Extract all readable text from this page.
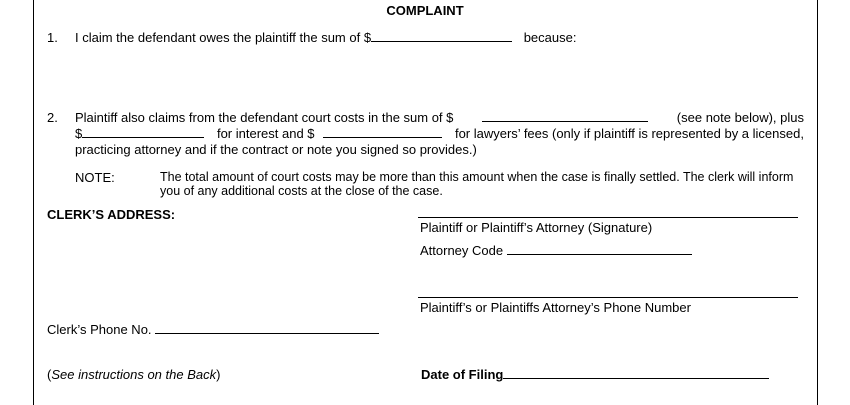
COMPLAINT
1. I claim the defendant owes the plaintiff the sum of $	because:
2. Plaintiff also claims from the defendant court costs in the sum of $	(see note below), plus
$	for interest and $	for lawyers’ fees (only if plaintiff is represented by a licensed,
practicing attorney and if the contract or note you signed so provides.)
NOTE:	The total amount of court costs may be more than this amount when the case is finally settled. The clerk will inform you of any additional costs at the close of the case.
CLERK’S ADDRESS:
Plaintiff or Plaintiff’s Attorney (Signature)
Attorney Code
Plaintiff’s or Plaintiffs Attorney’s Phone Number
Clerk’s Phone No.
(See instructions on the Back)	Date of Filing
